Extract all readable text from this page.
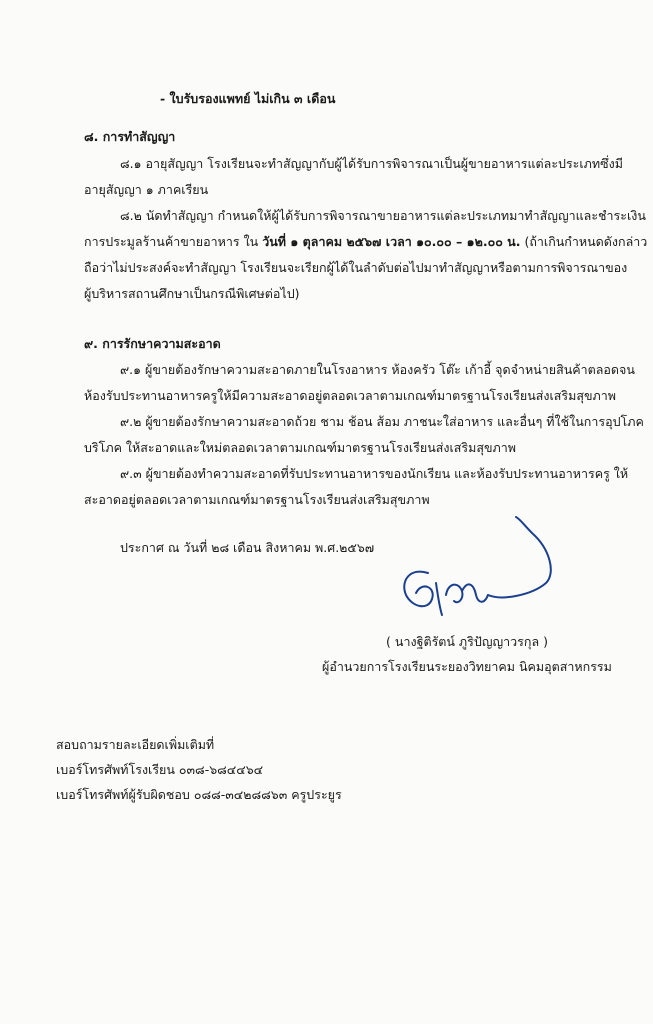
- ใบรับรองแพทย์ ไม่เกิน ๓ เดือน
๘. การทำสัญญา
๘.๑ อายุสัญญา โรงเรียนจะทำสัญญากับผู้ได้รับการพิจารณาเป็นผู้ขายอาหารแต่ละประเภทซึ่งมี
อายุสัญญา ๑ ภาคเรียน
๘.๒ นัดทำสัญญา กำหนดให้ผู้ได้รับการพิจารณาขายอาหารแต่ละประเภทมาทำสัญญาและชำระเงิน
การประมูลร้านค้าขายอาหาร ใน วันที่ ๑ ตุลาคม ๒๕๖๗ เวลา ๑๐.๐๐ – ๑๒.๐๐ น. (ถ้าเกินกำหนดดังกล่าว
ถือว่าไม่ประสงค์จะทำสัญญา โรงเรียนจะเรียกผู้ได้ในลำดับต่อไปมาทำสัญญาหรือตามการพิจารณาของ
ผู้บริหารสถานศึกษาเป็นกรณีพิเศษต่อไป)
๙. การรักษาความสะอาด
๙.๑ ผู้ขายต้องรักษาความสะอาดภายในโรงอาหาร ห้องครัว โต๊ะ เก้าอี้ จุดจำหน่ายสินค้าตลอดจน
ห้องรับประทานอาหารครูให้มีความสะอาดอยู่ตลอดเวลาตามเกณฑ์มาตรฐานโรงเรียนส่งเสริมสุขภาพ
๙.๒ ผู้ขายต้องรักษาความสะอาดถ้วย ชาม ช้อน ส้อม ภาชนะใส่อาหาร และอื่นๆ ที่ใช้ในการอุปโภค
บริโภค ให้สะอาดและใหม่ตลอดเวลาตามเกณฑ์มาตรฐานโรงเรียนส่งเสริมสุขภาพ
๙.๓ ผู้ขายต้องทำความสะอาดที่รับประทานอาหารของนักเรียน และห้องรับประทานอาหารครู ให้
สะอาดอยู่ตลอดเวลาตามเกณฑ์มาตรฐานโรงเรียนส่งเสริมสุขภาพ
ประกาศ ณ วันที่ ๒๘ เดือน สิงหาคม พ.ศ.๒๕๖๗
( นางฐิติรัตน์ ภูริปัญญาวรกุล )
ผู้อำนวยการโรงเรียนระยองวิทยาคม นิคมอุตสาหกรรม
สอบถามรายละเอียดเพิ่มเติมที่
เบอร์โทรศัพท์โรงเรียน ๐๓๘-๖๘๔๔๖๔
เบอร์โทรศัพท์ผู้รับผิดชอบ ๐๘๘-๓๔๒๘๘๖๓ ครูประยูร
